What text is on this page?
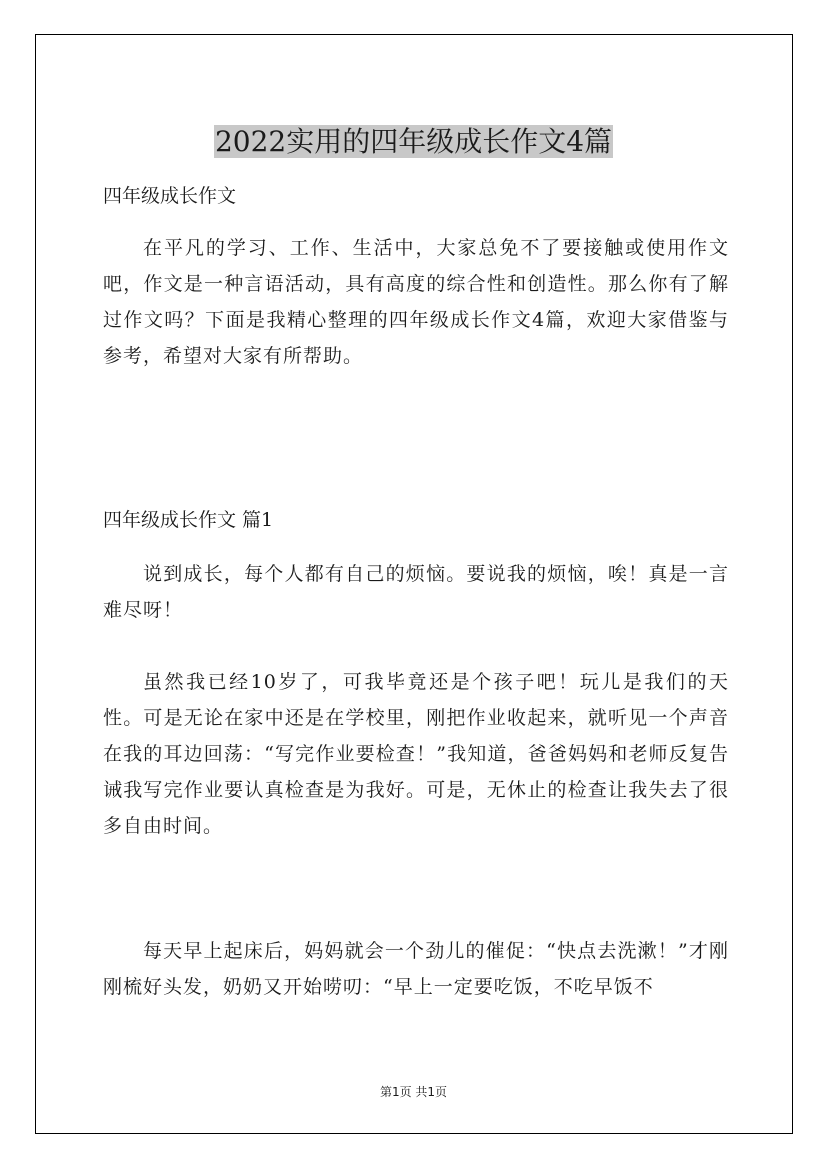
2022实用的四年级成长作文4篇

四年级成长作文

在平凡的学习、工作、生活中，大家总免不了要接触或使用作文吧，作文是一种言语活动，具有高度的综合性和创造性。那么你有了解过作文吗？下面是我精心整理的四年级成长作文4篇，欢迎大家借鉴与参考，希望对大家有所帮助。

四年级成长作文 篇1

说到成长，每个人都有自己的烦恼。要说我的烦恼，唉！真是一言难尽呀！

虽然我已经10岁了，可我毕竟还是个孩子吧！玩儿是我们的天性。可是无论在家中还是在学校里，刚把作业收起来，就听见一个声音在我的耳边回荡：“写完作业要检查！”我知道，爸爸妈妈和老师反复告诫我写完作业要认真检查是为我好。可是，无休止的检查让我失去了很多自由时间。

每天早上起床后，妈妈就会一个劲儿的催促：“快点去洗漱！”才刚刚梳好头发，奶奶又开始唠叨：“早上一定要吃饭，不吃早饭不

第1页 共1页
